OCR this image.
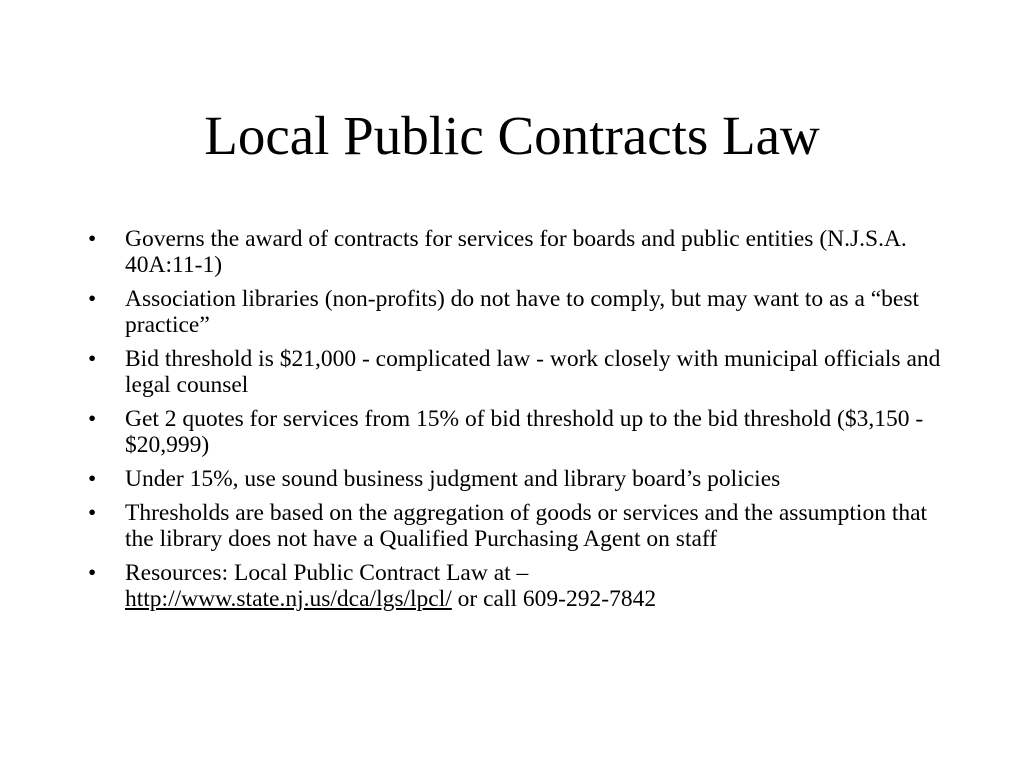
Local Public Contracts Law
• Governs the award of contracts for services for boards and public entities (N.J.S.A. 40A:11-1)
• Association libraries (non-profits) do not have to comply, but may want to as a “best practice”
• Bid threshold is $21,000 - complicated law - work closely with municipal officials and legal counsel
• Get 2 quotes for services from 15% of bid threshold up to the bid threshold ($3,150 - $20,999)
• Under 15%, use sound business judgment and library board’s policies
• Thresholds are based on the aggregation of goods or services and the assumption that the library does not have a Qualified Purchasing Agent on staff
• Resources: Local Public Contract Law at –
http://www.state.nj.us/dca/lgs/lpcl/ or call 609-292-7842
